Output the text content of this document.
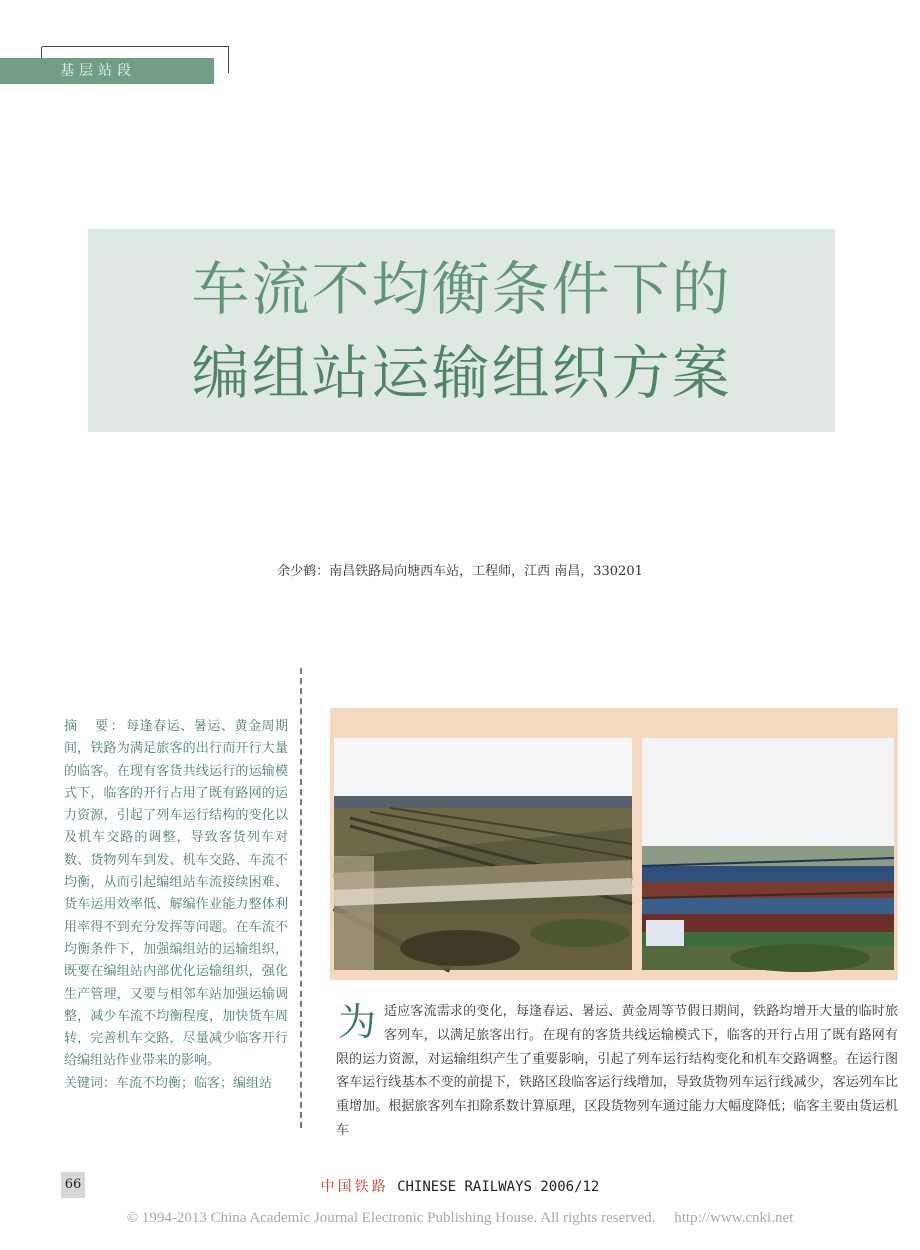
基层站段
车流不均衡条件下的
编组站运输组织方案
余少鹤：南昌铁路局向塘西车站，工程师，江西 南昌，330201
摘　要：每逢春运、暑运、黄金周期间，铁路为满足旅客的出行而开行大量的临客。在现有客货共线运行的运输模式下，临客的开行占用了既有路网的运力资源，引起了列车运行结构的变化以及机车交路的调整，导致客货列车对数、货物列车到发、机车交路、车流不均衡，从而引起编组站车流接续困难、货车运用效率低、解编作业能力整体利用率得不到充分发挥等问题。在车流不均衡条件下，加强编组站的运输组织，既要在编组站内部优化运输组织，强化生产管理，又要与相邻车站加强运输调整，减少车流不均衡程度，加快货车周转，完善机车交路，尽量减少临客开行给编组站作业带来的影响。
关键词：车流不均衡；临客；编组站
为适应客流需求的变化，每逢春运、暑运、黄金周等节假日期间，铁路均增开大量的临时旅客列车，以满足旅客出行。在现有的客货共线运输模式下，临客的开行占用了既有路网有限的运力资源，对运输组织产生了重要影响，引起了列车运行结构变化和机车交路调整。在运行图客车运行线基本不变的前提下，铁路区段临客运行线增加，导致货物列车运行线减少，客运列车比重增加。根据旅客列车扣除系数计算原理，区段货物列车通过能力大幅度降低；临客主要由货运机车
66	中国铁路 CHINESE RAILWAYS 2006/12
© 1994-2013 China Academic Journal Electronic Publishing House. All rights reserved.　 http://www.cnki.net
